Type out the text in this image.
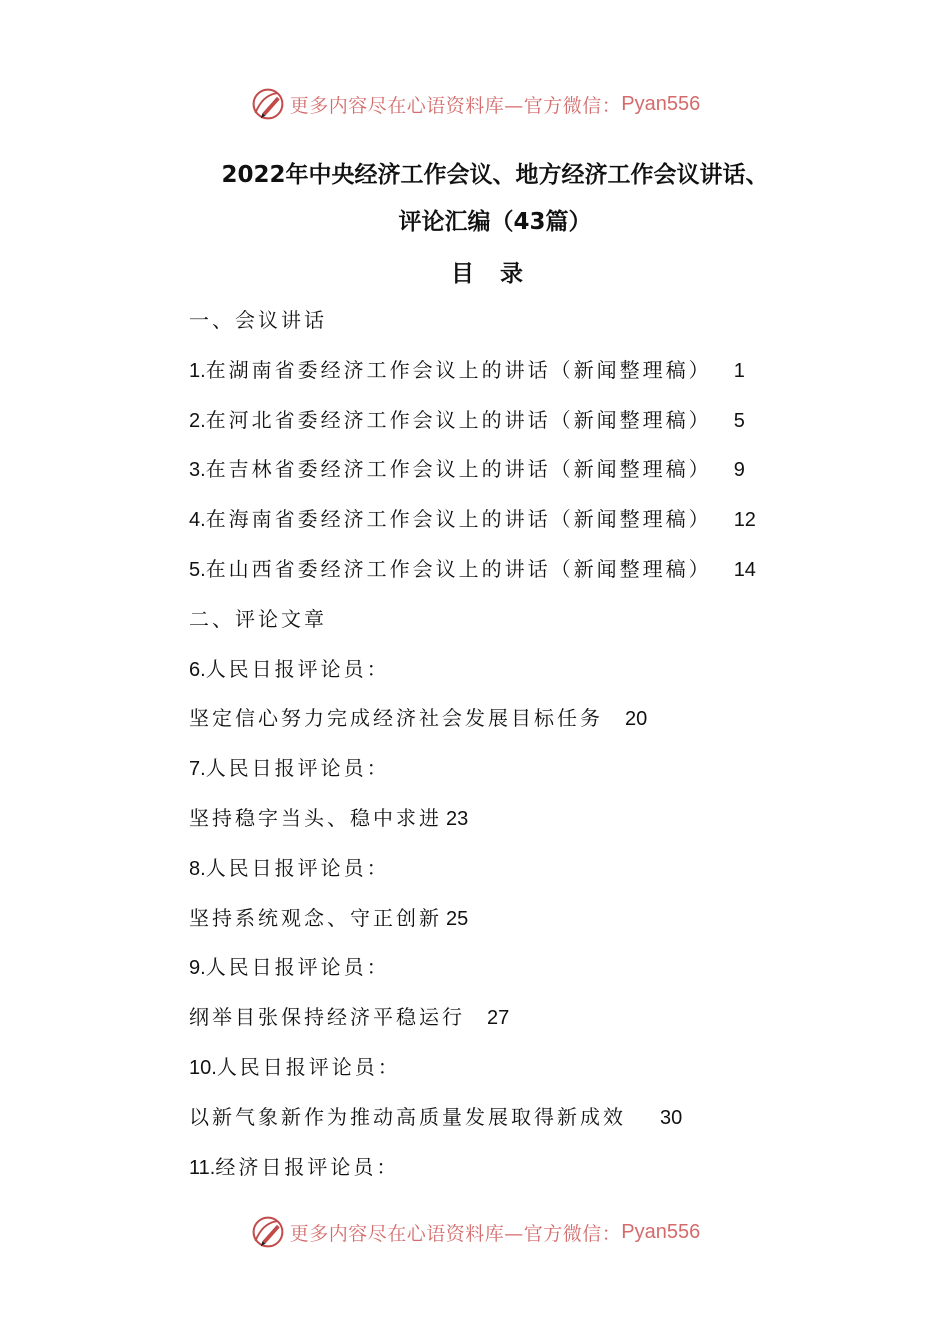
更多内容尽在心语资料库—官方微信： Pyan556
2022年中央经济工作会议、地方经济工作会议讲话、
评论汇编（43篇）
目录
一、会议讲话
1.在湖南省委经济工作会议上的讲话（新闻整理稿） 1
2.在河北省委经济工作会议上的讲话（新闻整理稿） 5
3.在吉林省委经济工作会议上的讲话（新闻整理稿） 9
4.在海南省委经济工作会议上的讲话（新闻整理稿） 12
5.在山西省委经济工作会议上的讲话（新闻整理稿） 14
二、评论文章
6.人民日报评论员：
坚定信心努力完成经济社会发展目标任务 20
7.人民日报评论员：
坚持稳字当头、稳中求进 23
8.人民日报评论员：
坚持系统观念、守正创新 25
9.人民日报评论员：
纲举目张保持经济平稳运行 27
10.人民日报评论员：
以新气象新作为推动高质量发展取得新成效 30
11.经济日报评论员：
更多内容尽在心语资料库—官方微信： Pyan556
